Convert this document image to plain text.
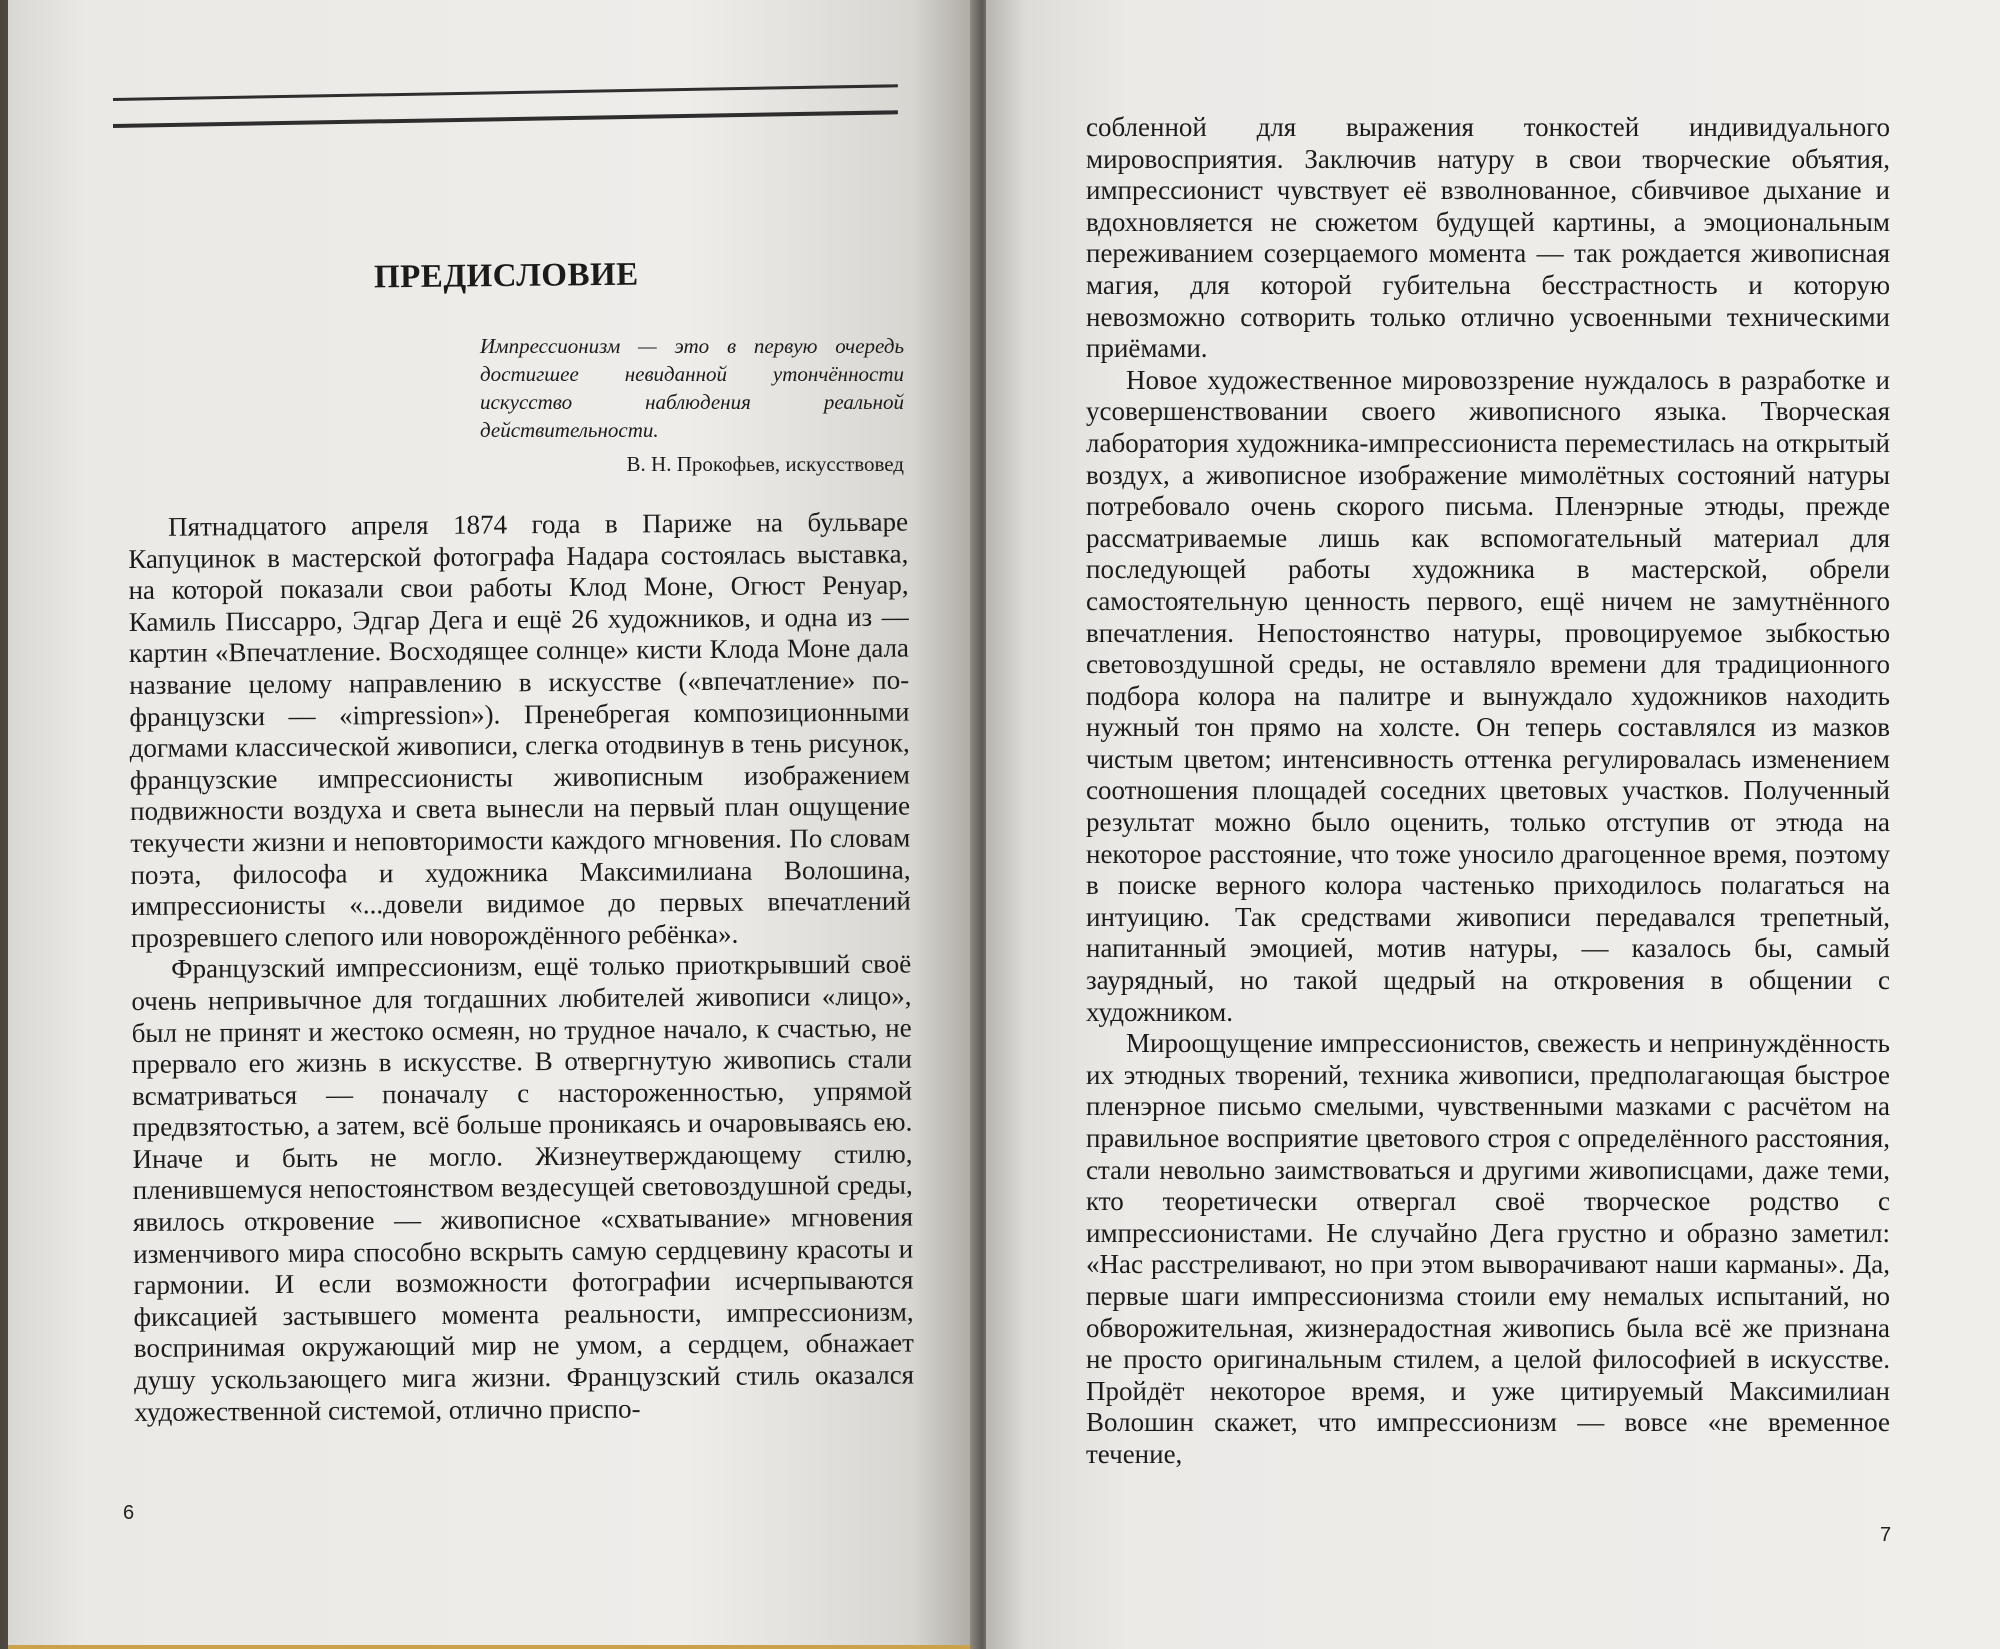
ПРЕДИСЛОВИЕ
Импрессионизм — это в первую очередь достигшее невиданной утончённости искусство наблюдения реальной действительности.
В. Н. Прокофьев, искусствовед

Пятнадцатого апреля 1874 года в Париже на бульваре Капуцинок в мастерской фотографа Надара состоялась выставка, на которой показали свои работы Клод Моне, Огюст Ренуар, Камиль Писсарро, Эдгар Дега и ещё 26 художников, и одна из — картин «Впечатление. Восходящее солнце» кисти Клода Моне дала название целому направлению в искусстве («впечатление» по-французски — «impression»). Пренебрегая композиционными догмами классической живописи, слегка отодвинув в тень рисунок, французские импрессионисты живописным изображением подвижности воздуха и света вынесли на первый план ощущение текучести жизни и неповторимости каждого мгновения. По словам поэта, философа и художника Максимилиана Волошина, импрессионисты «...довели видимое до первых впечатлений прозревшего слепого или новорождённого ребёнка».

Французский импрессионизм, ещё только приоткрывший своё очень непривычное для тогдашних любителей живописи «лицо», был не принят и жестоко осмеян, но трудное начало, к счастью, не прервало его жизнь в искусстве. В отвергнутую живопись стали всматриваться — поначалу с настороженностью, упрямой предвзятостью, а затем, всё больше проникаясь и очаровываясь ею. Иначе и быть не могло. Жизнеутверждающему стилю, пленившемуся непостоянством вездесущей световоздушной среды, явилось откровение — живописное «схватывание» мгновения изменчивого мира способно вскрыть самую сердцевину красоты и гармонии. И если возможности фотографии исчерпываются фиксацией застывшего момента реальности, импрессионизм, воспринимая окружающий мир не умом, а сердцем, обнажает душу ускользающего мига жизни. Французский стиль оказался художественной системой, отлично приспо-

собленной для выражения тонкостей индивидуального мировосприятия. Заключив натуру в свои творческие объятия, импрессионист чувствует её взволнованное, сбивчивое дыхание и вдохновляется не сюжетом будущей картины, а эмоциональным переживанием созерцаемого момента — так рождается живописная магия, для которой губительна бесстрастность и которую невозможно сотворить только отлично усвоенными техническими приёмами.

Новое художественное мировоззрение нуждалось в разработке и усовершенствовании своего живописного языка. Творческая лаборатория художника-импрессиониста переместилась на открытый воздух, а живописное изображение мимолётных состояний натуры потребовало очень скорого письма. Пленэрные этюды, прежде рассматриваемые лишь как вспомогательный материал для последующей работы художника в мастерской, обрели самостоятельную ценность первого, ещё ничем не замутнённого впечатления. Непостоянство натуры, провоцируемое зыбкостью световоздушной среды, не оставляло времени для традиционного подбора колора на палитре и вынуждало художников находить нужный тон прямо на холсте. Он теперь составлялся из мазков чистым цветом; интенсивность оттенка регулировалась изменением соотношения площадей соседних цветовых участков. Полученный результат можно было оценить, только отступив от этюда на некоторое расстояние, что тоже уносило драгоценное время, поэтому в поиске верного колора частенько приходилось полагаться на интуицию. Так средствами живописи передавался трепетный, напитанный эмоцией, мотив натуры, — казалось бы, самый заурядный, но такой щедрый на откровения в общении с художником.

Мироощущение импрессионистов, свежесть и непринуждённость их этюдных творений, техника живописи, предполагающая быстрое пленэрное письмо смелыми, чувственными мазками с расчётом на правильное восприятие цветового строя с определённого расстояния, стали невольно заимствоваться и другими живописцами, даже теми, кто теоретически отвергал своё творческое родство с импрессионистами. Не случайно Дега грустно и образно заметил: «Нас расстреливают, но при этом выворачивают наши карманы». Да, первые шаги импрессионизма стоили ему немалых испытаний, но обворожительная, жизнерадостная живопись была всё же признана не просто оригинальным стилем, а целой философией в искусстве. Пройдёт некоторое время, и уже цитируемый Максимилиан Волошин скажет, что импрессионизм — вовсе «не временное течение,

6
7
